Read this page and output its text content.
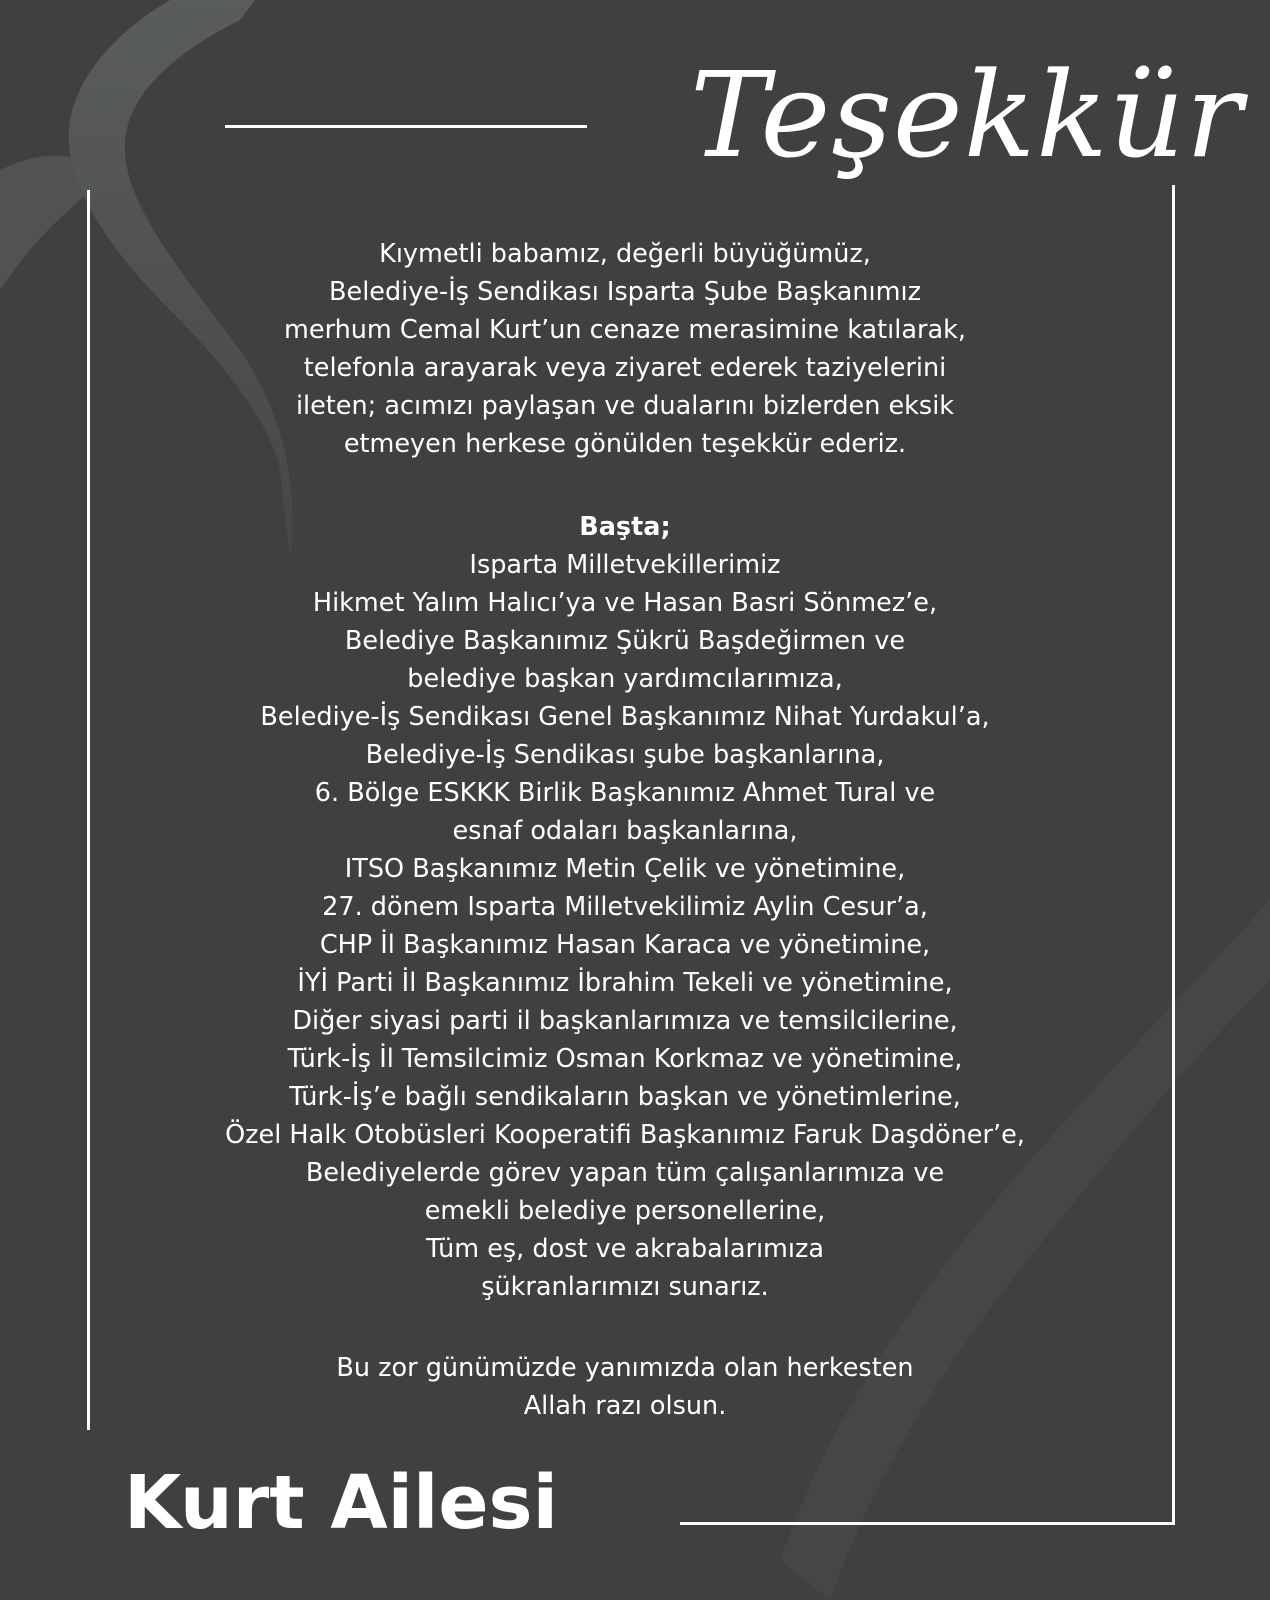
Teşekkür
Kıymetli babamız, değerli büyüğümüz,
Belediye-İş Sendikası Isparta Şube Başkanımız
merhum Cemal Kurt’un cenaze merasimine katılarak,
telefonla arayarak veya ziyaret ederek taziyelerini
ileten; acımızı paylaşan ve dualarını bizlerden eksik
etmeyen herkese gönülden teşekkür ederiz.
Başta;
Isparta Milletvekillerimiz
Hikmet Yalım Halıcı’ya ve Hasan Basri Sönmez’e,
Belediye Başkanımız Şükrü Başdeğirmen ve
belediye başkan yardımcılarımıza,
Belediye-İş Sendikası Genel Başkanımız Nihat Yurdakul’a,
Belediye-İş Sendikası şube başkanlarına,
6. Bölge ESKKK Birlik Başkanımız Ahmet Tural ve
esnaf odaları başkanlarına,
ITSO Başkanımız Metin Çelik ve yönetimine,
27. dönem Isparta Milletvekilimiz Aylin Cesur’a,
CHP İl Başkanımız Hasan Karaca ve yönetimine,
İYİ Parti İl Başkanımız İbrahim Tekeli ve yönetimine,
Diğer siyasi parti il başkanlarımıza ve temsilcilerine,
Türk-İş İl Temsilcimiz Osman Korkmaz ve yönetimine,
Türk-İş’e bağlı sendikaların başkan ve yönetimlerine,
Özel Halk Otobüsleri Kooperatifi Başkanımız Faruk Daşdöner’e,
Belediyelerde görev yapan tüm çalışanlarımıza ve
emekli belediye personellerine,
Tüm eş, dost ve akrabalarımıza
şükranlarımızı sunarız.
Bu zor günümüzde yanımızda olan herkesten
Allah razı olsun.
Kurt Ailesi
